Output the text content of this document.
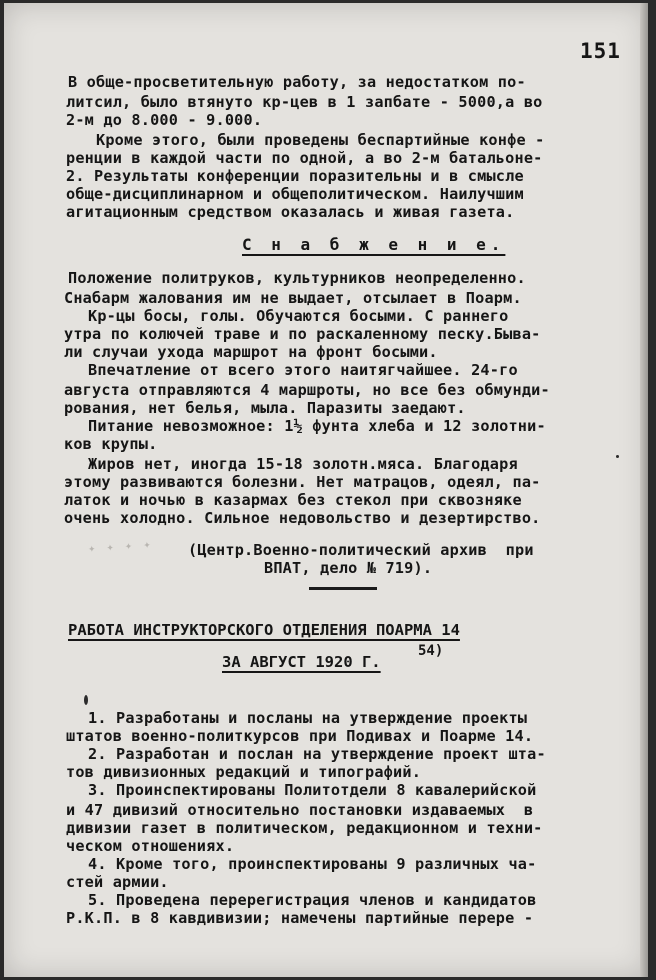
151
В обще-просветительную работу, за недостатком по-
литсил, было втянуто кр-цев в 1 запбате - 5000,а во
2-м до 8.000 - 9.000.
Кроме этого, были проведены беспартийные конфе -
ренции в каждой части по одной, а во 2-м батальоне-
2. Результаты конференции поразительны и в смысле
обще-дисциплинарном и общеполитическом. Наилучшим
агитационным средством оказалась и живая газета.
С н а б ж е н и е.
Положение политруков, культурников неопределенно.
Снабарм жалования им не выдает, отсылает в Поарм.
Кр-цы босы, голы. Обучаются босыми. С раннего
утра по колючей траве и по раскаленному песку.Быва-
ли случаи ухода маршрот на фронт босыми.
Впечатление от всего этого наитягчайшее. 24-го
августа отправляются 4 маршроты, но все без обмунди-
рования, нет белья, мыла. Паразиты заедают.
Питание невозможное: 1½ фунта хлеба и 12 золотни-
ков крупы.
Жиров нет, иногда 15-18 золотн.мяса. Благодаря
этому развиваются болезни. Нет матрацов, одеял, па-
латок и ночью в казармах без стекол при сквозняке
очень холодно. Сильное недовольство и дезертирство.
✦ ✦ ✦ ✦ (Центр.Военно-политический архив  при
ВПАТ, дело № 719).
РАБОТА ИНСТРУКТОРСКОГО ОТДЕЛЕНИЯ ПОАРМА 14
ЗА АВГУСТ 1920 Г.
54)
1. Разработаны и посланы на утверждение проекты
штатов военно-политкурсов при Подивах и Поарме 14.
2. Разработан и послан на утверждение проект шта-
тов дивизионных редакций и типографий.
3. Проинспектированы Политотдели 8 кавалерийской
и 47 дивизий относительно постановки издаваемых  в
дивизии газет в политическом, редакционном и техни-
ческом отношениях.
4. Кроме того, проинспектированы 9 различных ча-
стей армии.
5. Проведена перерегистрация членов и кандидатов
Р.К.П. в 8 кавдивизии; намечены партийные перере -
